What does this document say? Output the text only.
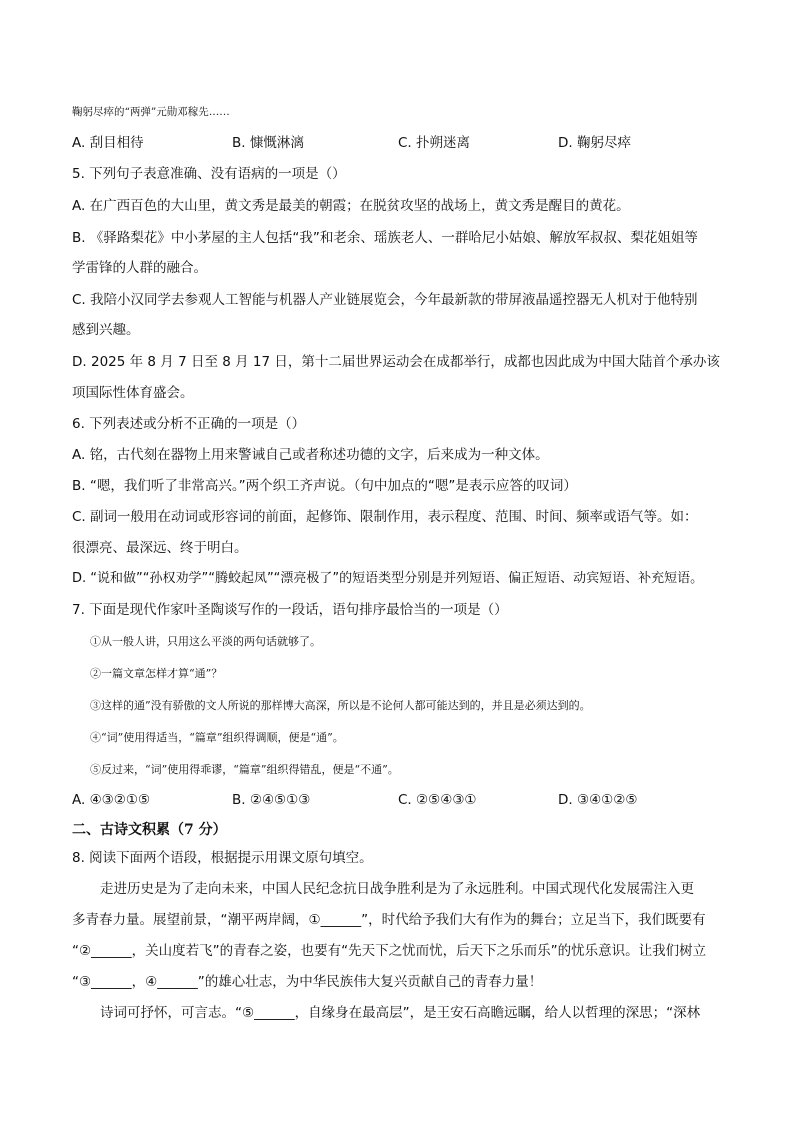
鞠躬尽瘁的“两弹”元勋邓稼先……
A. 刮目相待	B. 慷慨淋漓	C. 扑朔迷离	D. 鞠躬尽瘁
5. 下列句子表意准确、没有语病的一项是（）
A. 在广西百色的大山里，黄文秀是最美的朝霞；在脱贫攻坚的战场上，黄文秀是醒目的黄花。
B. 《驿路梨花》中小茅屋的主人包括“我”和老余、瑶族老人、一群哈尼小姑娘、解放军叔叔、梨花姐姐等
学雷锋的人群的融合。
C. 我陪小汉同学去参观人工智能与机器人产业链展览会，今年最新款的带屏液晶遥控器无人机对于他特别
感到兴趣。
D. 2025 年 8 月 7 日至 8 月 17 日，第十二届世界运动会在成都举行，成都也因此成为中国大陆首个承办该
项国际性体育盛会。
6. 下列表述或分析不正确的一项是（）
A. 铭，古代刻在器物上用来警诫自己或者称述功德的文字，后来成为一种文体。
B. “嗯，我们听了非常高兴。”两个织工齐声说。（句中加点的“嗯”是表示应答的叹词）
C. 副词一般用在动词或形容词的前面，起修饰、限制作用，表示程度、范围、时间、频率或语气等。如：
很漂亮、最深远、终于明白。
D. “说和做”“孙权劝学”“腾蛟起凤”“漂亮极了”的短语类型分别是并列短语、偏正短语、动宾短语、补充短语。
7. 下面是现代作家叶圣陶谈写作的一段话，语句排序最恰当的一项是（）
①从一般人讲，只用这么平淡的两句话就够了。
②一篇文章怎样才算“通”？
③这样的通”没有骄傲的文人所说的那样博大高深，所以是不论何人都可能达到的，并且是必须达到的。
④“词”使用得适当，“篇章”组织得调顺，便是“通”。
⑤反过来，“词”使用得乖谬，“篇章”组织得错乱，便是“不通”。
A. ④③②①⑤	B. ②④⑤①③	C. ②⑤④③①	D. ③④①②⑤
二、古诗文积累（7 分）
8. 阅读下面两个语段，根据提示用课文原句填空。
走进历史是为了走向未来，中国人民纪念抗日战争胜利是为了永远胜利。中国式现代化发展需注入更
多青春力量。展望前景，“潮平两岸阔，①______”，时代给予我们大有作为的舞台；立足当下，我们既要有
“②______，关山度若飞”的青春之姿，也要有“先天下之忧而忧，后天下之乐而乐”的忧乐意识。让我们树立
“③______，④______”的雄心壮志，为中华民族伟大复兴贡献自己的青春力量！
诗词可抒怀，可言志。“⑤______，自缘身在最高层”，是王安石高瞻远瞩，给人以哲理的深思；“深林
